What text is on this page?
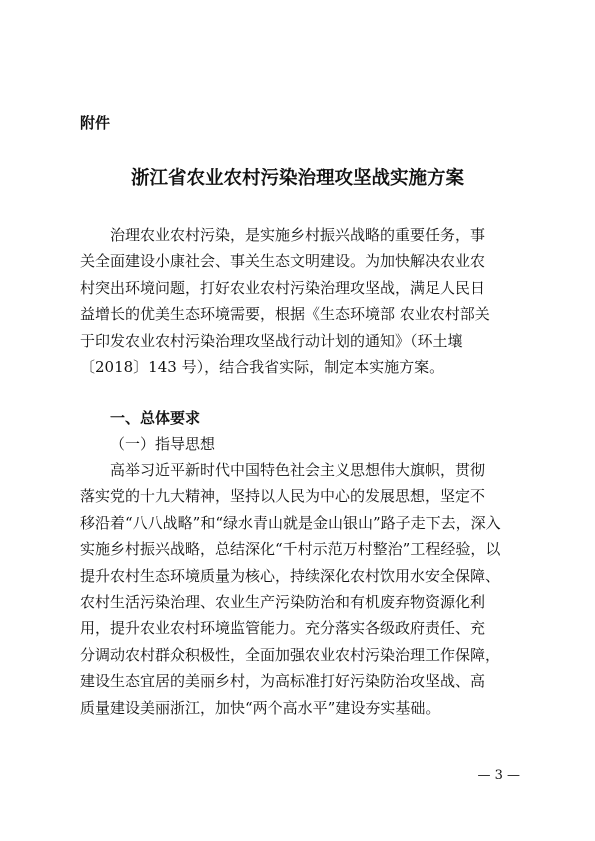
附件
浙江省农业农村污染治理攻坚战实施方案
治理农业农村污染，是实施乡村振兴战略的重要任务，事
关全面建设小康社会、事关生态文明建设。为加快解决农业农
村突出环境问题，打好农业农村污染治理攻坚战，满足人民日
益增长的优美生态环境需要，根据《生态环境部 农业农村部关
于印发农业农村污染治理攻坚战行动计划的通知》（环土壤
〔2018〕143 号），结合我省实际，制定本实施方案。
一、总体要求
（一）指导思想
高举习近平新时代中国特色社会主义思想伟大旗帜，贯彻
落实党的十九大精神，坚持以人民为中心的发展思想，坚定不
移沿着“八八战略”和“绿水青山就是金山银山”路子走下去，深入
实施乡村振兴战略，总结深化“千村示范万村整治”工程经验，以
提升农村生态环境质量为核心，持续深化农村饮用水安全保障、
农村生活污染治理、农业生产污染防治和有机废弃物资源化利
用，提升农业农村环境监管能力。充分落实各级政府责任、充
分调动农村群众积极性，全面加强农业农村污染治理工作保障，
建设生态宜居的美丽乡村，为高标准打好污染防治攻坚战、高
质量建设美丽浙江，加快“两个高水平”建设夯实基础。
— 3 —
